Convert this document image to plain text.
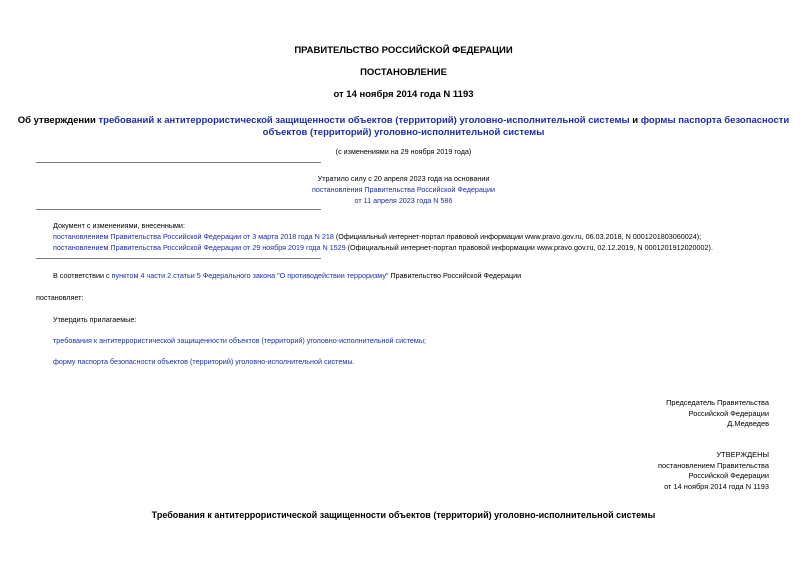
ПРАВИТЕЛЬСТВО РОССИЙСКОЙ ФЕДЕРАЦИИ
ПОСТАНОВЛЕНИЕ
от 14 ноября 2014 года N 1193
Об утверждении требований к антитеррористической защищенности объектов (территорий) уголовно-исполнительной системы и формы паспорта безопасности
объектов (территорий) уголовно-исполнительной системы
(с изменениями на 29 ноября 2019 года)
Утратило силу с 20 апреля 2023 года на основании
постановления Правительства Российской Федерации
от 11 апреля 2023 года N 586
Документ с изменениями, внесенными:
постановлением Правительства Российской Федерации от 3 марта 2018 года N 218 (Официальный интернет-портал правовой информации www.pravo.gov.ru, 06.03.2018, N 0001201803060024);
постановлением Правительства Российской Федерации от 29 ноября 2019 года N 1529 (Официальный интернет-портал правовой информации www.pravo.gov.ru, 02.12.2019, N 0001201912020002).
В соответствии с пунктом 4 части 2 статьи 5 Федерального закона "О противодействии терроризму" Правительство Российской Федерации
постановляет:
Утвердить прилагаемые:
требования к антитеррористической защищенности объектов (территорий) уголовно-исполнительной системы;
форму паспорта безопасности объектов (территорий) уголовно-исполнительной системы.
Председатель Правительства
Российской Федерации
Д.Медведев
УТВЕРЖДЕНЫ
постановлением Правительства
Российской Федерации
от 14 ноября 2014 года N 1193
Требования к антитеррористической защищенности объектов (территорий) уголовно-исполнительной системы
